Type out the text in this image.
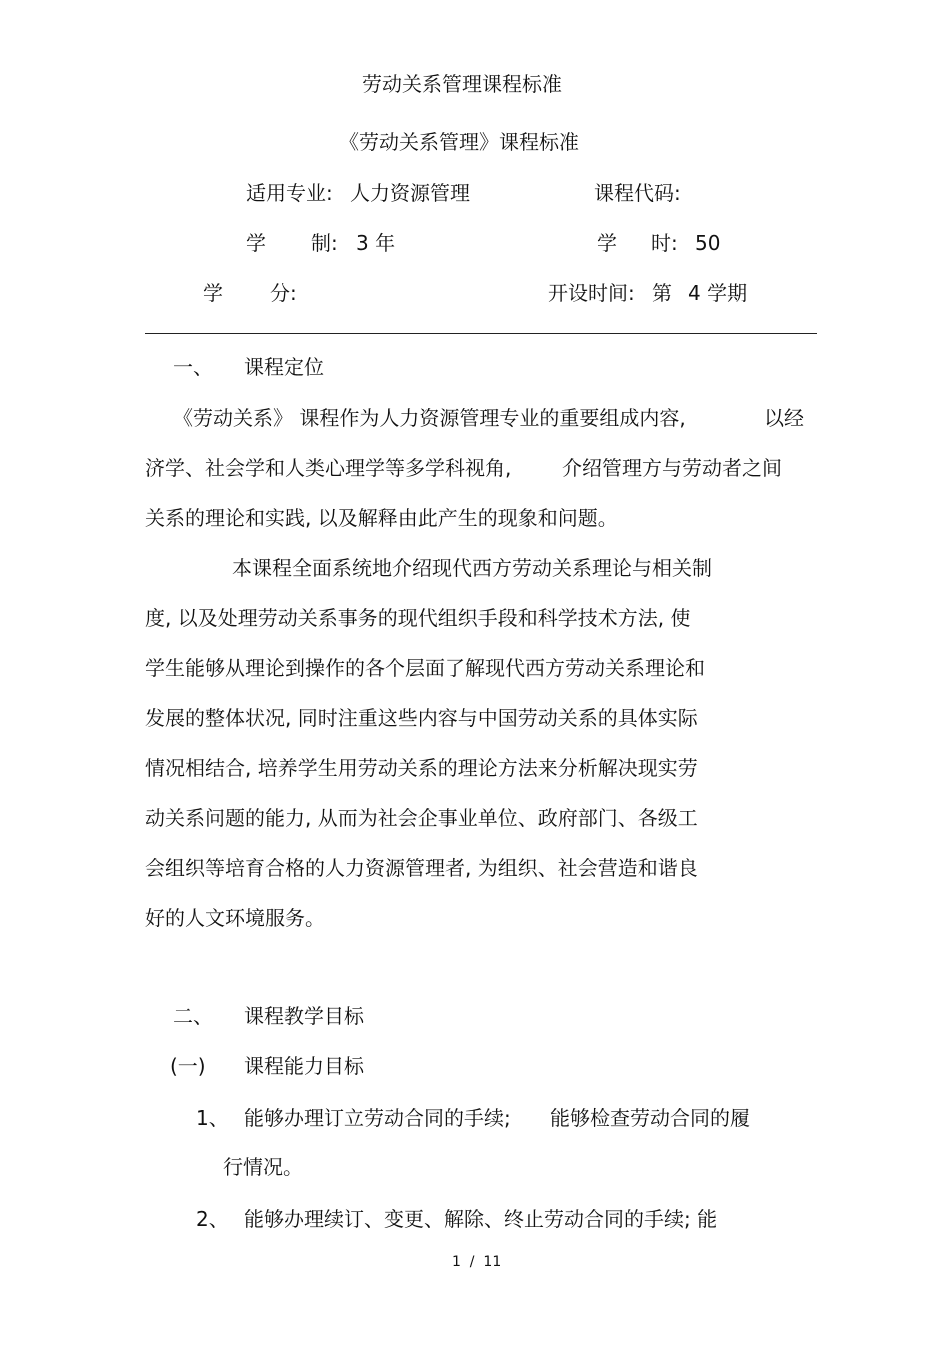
劳动关系管理课程标准
《劳动关系管理》课程标准
适用专业: 人力资源管理	课程代码:
学 制: 3 年	学 时: 50
学 分:	开设时间: 第 4 学期
一、 课程定位
《劳动关系》 课程作为人力资源管理专业的重要组成内容,	以经
济学、社会学和人类心理学等多学科视角,	介绍管理方与劳动者之间
关系的理论和实践, 以及解释由此产生的现象和问题。
本课程全面系统地介绍现代西方劳动关系理论与相关制
度, 以及处理劳动关系事务的现代组织手段和科学技术方法, 使
学生能够从理论到操作的各个层面了解现代西方劳动关系理论和
发展的整体状况, 同时注重这些内容与中国劳动关系的具体实际
情况相结合, 培养学生用劳动关系的理论方法来分析解决现实劳
动关系问题的能力, 从而为社会企事业单位、政府部门、各级工
会组织等培育合格的人力资源管理者, 为组织、社会营造和谐良
好的人文环境服务。
二、 课程教学目标
(一) 课程能力目标
1、 能够办理订立劳动合同的手续; 能够检查劳动合同的履
行情况。
2、 能够办理续订、变更、解除、终止劳动合同的手续; 能
1  /  11
